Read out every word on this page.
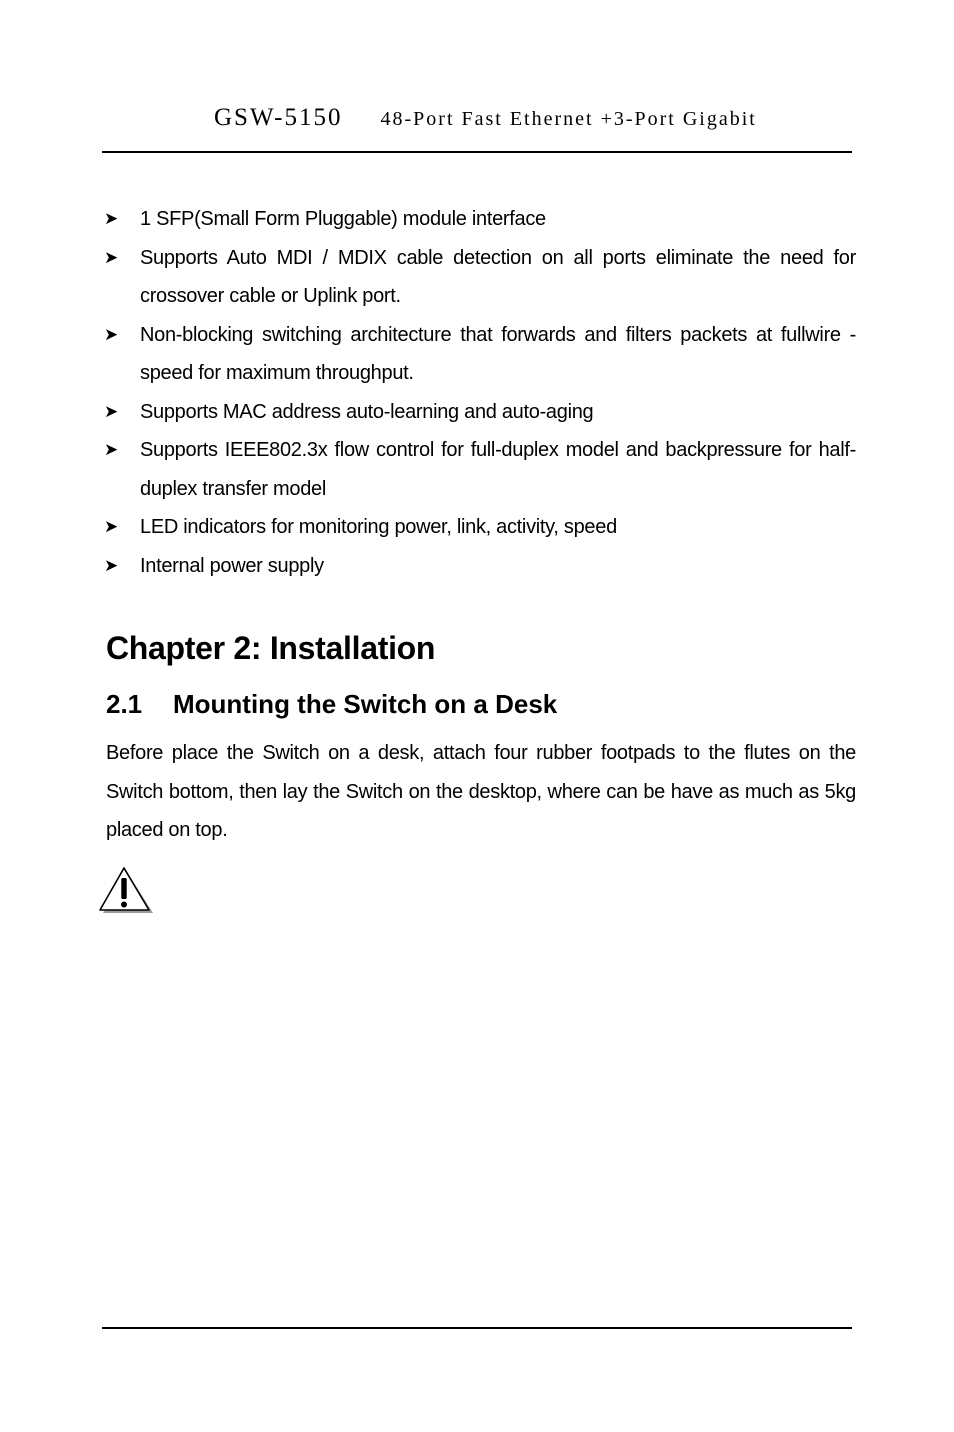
GSW-5150 48-Port Fast Ethernet +3-Port Gigabit
➤ 1 SFP(Small Form Pluggable) module interface
➤ Supports Auto MDI / MDIX cable detection on all ports eliminate the need for crossover cable or Uplink port.
➤ Non-blocking switching architecture that forwards and filters packets at fullwire -speed for maximum throughput.
➤ Supports MAC address auto-learning and auto-aging
➤ Supports IEEE802.3x flow control for full-duplex model and backpressure for half-duplex transfer model
➤ LED indicators for monitoring power, link, activity, speed
➤ Internal power supply
Chapter 2: Installation
2.1 Mounting the Switch on a Desk

Before place the Switch on a desk, attach four rubber footpads to the flutes on the Switch bottom, then lay the Switch on the desktop, where can be have as much as 5kg placed on top.
